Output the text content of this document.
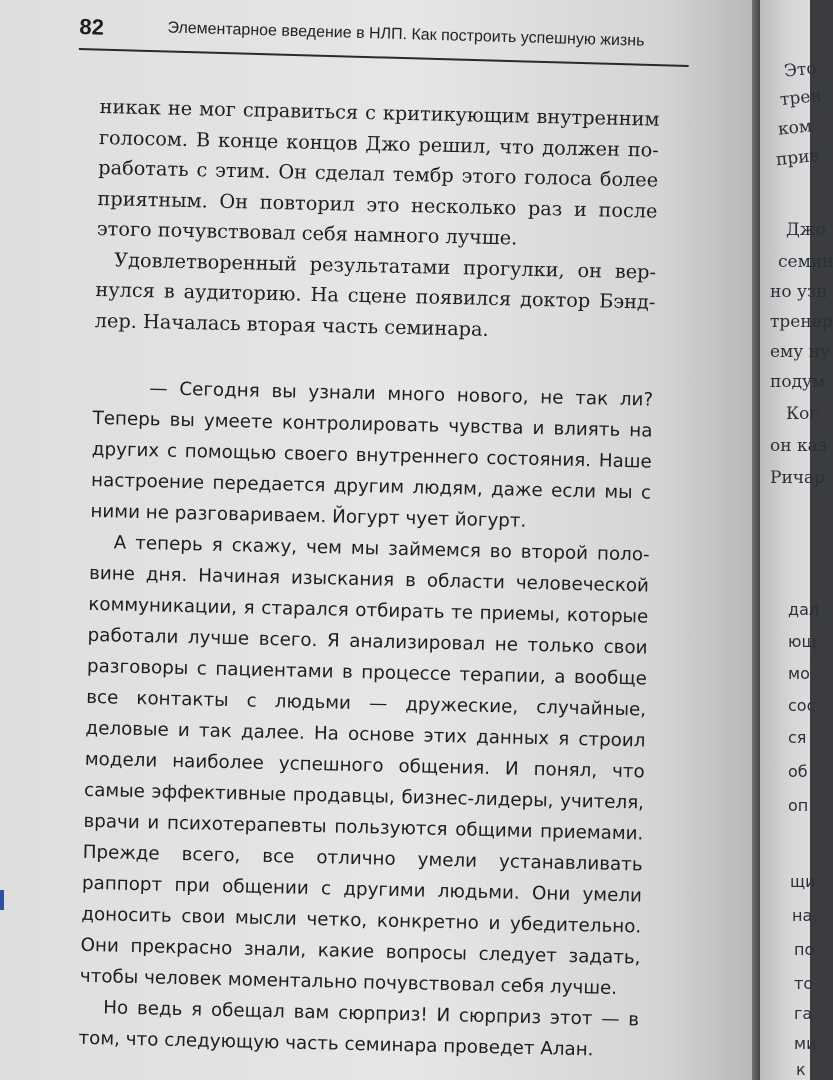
82	Элементарное введение в НЛП. Как построить успешную жизнь

никак не мог справиться с критикующим внутренним голосом. В конце концов Джо решил, что должен поработать с этим. Он сделал тембр этого голоса более приятным. Он повторил это несколько раз и после этого почувствовал себя намного лучше.

Удовлетворенный результатами прогулки, он вернулся в аудиторию. На сцене появился доктор Бэндлер. Началась вторая часть семинара.

— Сегодня вы узнали много нового, не так ли? Теперь вы умеете контролировать чувства и влиять на других с помощью своего внутреннего состояния. Наше настроение передается другим людям, даже если мы с ними не разговариваем. Йогурт чует йогурт.

А теперь я скажу, чем мы займемся во второй половине дня. Начиная изыскания в области человеческой коммуникации, я старался отбирать те приемы, которые работали лучше всего. Я анализировал не только свои разговоры с пациентами в процессе терапии, а вообще все контакты с людьми — дружеские, случайные, деловые и так далее. На основе этих данных я строил модели наиболее успешного общения. И понял, что самые эффективные продавцы, бизнес-лидеры, учителя, врачи и психотерапевты пользуются общими приемами. Прежде всего, все отлично умели устанавливать раппорт при общении с другими людьми. Они умели доносить свои мысли четко, конкретно и убедительно. Они прекрасно знали, какие вопросы следует задать, чтобы человек моментально почувствовал себя лучше.

Но ведь я обещал вам сюрприз! И сюрприз этот — в том, что следующую часть семинара проведет Алан.

Это
трен
ком
прив
Джо
семин
но узн
тренер
ему ну
подум
Ког
он каз
Ричар
дал
ющ
мо
сос
ся
об
оп
щи
на
по
то
га
ми
к
